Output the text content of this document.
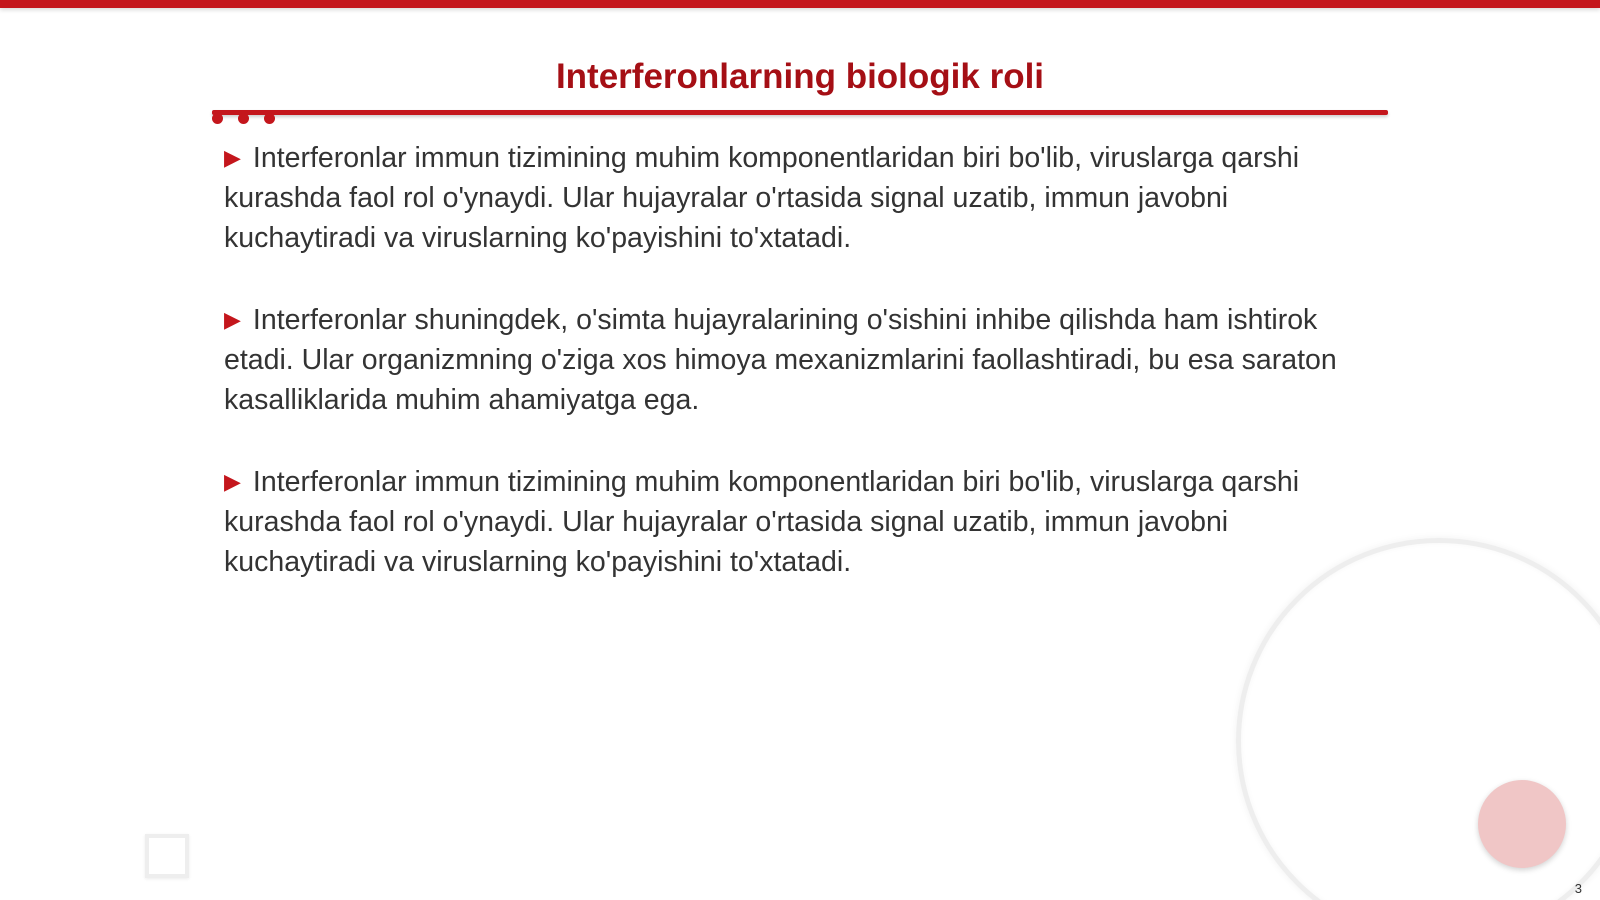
Interferonlarning biologik roli

▶ Interferonlar immun tizimining muhim komponentlaridan biri bo'lib, viruslarga qarshi kurashda faol rol o'ynaydi. Ular hujayralar o'rtasida signal uzatib, immun javobni kuchaytiradi va viruslarning ko'payishini to'xtatadi.

▶ Interferonlar shuningdek, o'simta hujayralarining o'sishini inhibe qilishda ham ishtirok etadi. Ular organizmning o'ziga xos himoya mexanizmlarini faollashtiradi, bu esa saraton kasalliklarida muhim ahamiyatga ega.

▶ Interferonlar immun tizimining muhim komponentlaridan biri bo'lib, viruslarga qarshi kurashda faol rol o'ynaydi. Ular hujayralar o'rtasida signal uzatib, immun javobni kuchaytiradi va viruslarning ko'payishini to'xtatadi.

3
